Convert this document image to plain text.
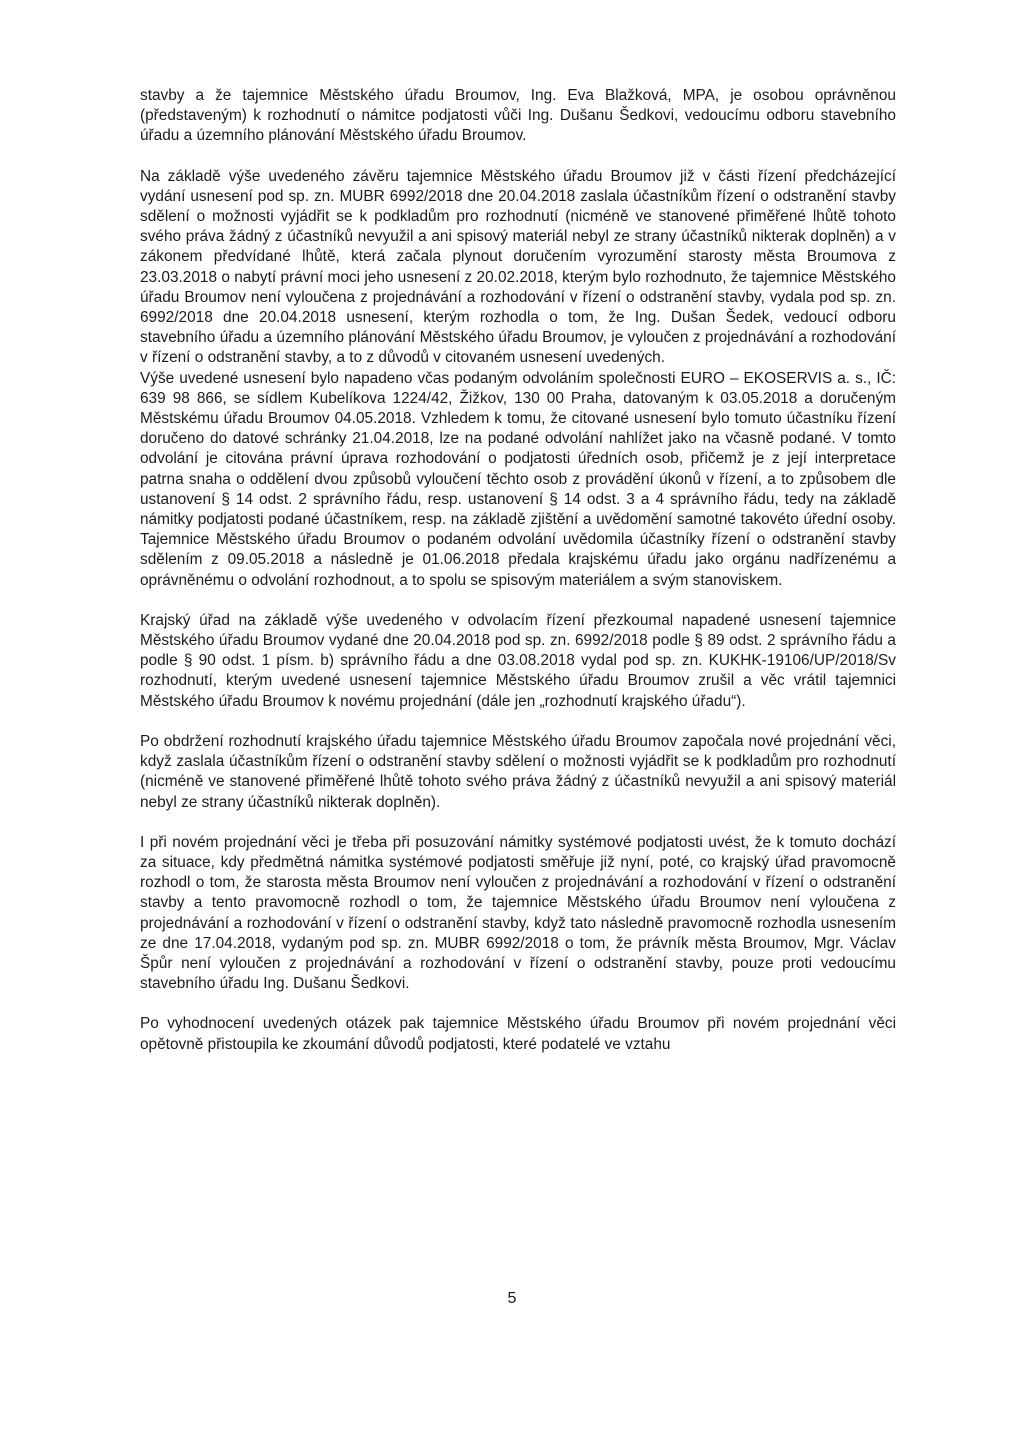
stavby a že tajemnice Městského úřadu Broumov, Ing. Eva Blažková, MPA, je osobou oprávněnou (představeným) k rozhodnutí o námitce podjatosti vůči Ing. Dušanu Šedkovi, vedoucímu odboru stavebního úřadu a územního plánování Městského úřadu Broumov.

Na základě výše uvedeného závěru tajemnice Městského úřadu Broumov již v části řízení předcházející vydání usnesení pod sp. zn. MUBR 6992/2018 dne 20.04.2018 zaslala účastníkům řízení o odstranění stavby sdělení o možnosti vyjádřit se k podkladům pro rozhodnutí (nicméně ve stanovené přiměřené lhůtě tohoto svého práva žádný z účastníků nevyužil a ani spisový materiál nebyl ze strany účastníků nikterak doplněn) a v zákonem předvídané lhůtě, která začala plynout doručením vyrozumění starosty města Broumova z 23.03.2018 o nabytí právní moci jeho usnesení z 20.02.2018, kterým bylo rozhodnuto, že tajemnice Městského úřadu Broumov není vyloučena z projednávání a rozhodování v řízení o odstranění stavby, vydala pod sp. zn. 6992/2018 dne 20.04.2018 usnesení, kterým rozhodla o tom, že Ing. Dušan Šedek, vedoucí odboru stavebního úřadu a územního plánování Městského úřadu Broumov, je vyloučen z projednávání a rozhodování v řízení o odstranění stavby, a to z důvodů v citovaném usnesení uvedených.

Výše uvedené usnesení bylo napadeno včas podaným odvoláním společnosti EURO – EKOSERVIS a. s., IČ: 639 98 866, se sídlem Kubelíkova 1224/42, Žižkov, 130 00 Praha, datovaným k 03.05.2018 a doručeným Městskému úřadu Broumov 04.05.2018. Vzhledem k tomu, že citované usnesení bylo tomuto účastníku řízení doručeno do datové schránky 21.04.2018, lze na podané odvolání nahlížet jako na včasně podané. V tomto odvolání je citována právní úprava rozhodování o podjatosti úředních osob, přičemž je z její interpretace patrna snaha o oddělení dvou způsobů vyloučení těchto osob z provádění úkonů v řízení, a to způsobem dle ustanovení § 14 odst. 2 správního řádu, resp. ustanovení § 14 odst. 3 a 4 správního řádu, tedy na základě námitky podjatosti podané účastníkem, resp. na základě zjištění a uvědomění samotné takovéto úřední osoby. Tajemnice Městského úřadu Broumov o podaném odvolání uvědomila účastníky řízení o odstranění stavby sdělením z 09.05.2018 a následně je 01.06.2018 předala krajskému úřadu jako orgánu nadřízenému a oprávněnému o odvolání rozhodnout, a to spolu se spisovým materiálem a svým stanoviskem.

Krajský úřad na základě výše uvedeného v odvolacím řízení přezkoumal napadené usnesení tajemnice Městského úřadu Broumov vydané dne 20.04.2018 pod sp. zn. 6992/2018 podle § 89 odst. 2 správního řádu a podle § 90 odst. 1 písm. b) správního řádu a dne 03.08.2018 vydal pod sp. zn. KUKHK-19106/UP/2018/Sv rozhodnutí, kterým uvedené usnesení tajemnice Městského úřadu Broumov zrušil a věc vrátil tajemnici Městského úřadu Broumov k novému projednání (dále jen „rozhodnutí krajského úřadu“).

Po obdržení rozhodnutí krajského úřadu tajemnice Městského úřadu Broumov započala nové projednání věci, když zaslala účastníkům řízení o odstranění stavby sdělení o možnosti vyjádřit se k podkladům pro rozhodnutí (nicméně ve stanovené přiměřené lhůtě tohoto svého práva žádný z účastníků nevyužil a ani spisový materiál nebyl ze strany účastníků nikterak doplněn).

I při novém projednání věci je třeba při posuzování námitky systémové podjatosti uvést, že k tomuto dochází za situace, kdy předmětná námitka systémové podjatosti směřuje již nyní, poté, co krajský úřad pravomocně rozhodl o tom, že starosta města Broumov není vyloučen z projednávání a rozhodování v řízení o odstranění stavby a tento pravomocně rozhodl o tom, že tajemnice Městského úřadu Broumov není vyloučena z projednávání a rozhodování v řízení o odstranění stavby, když tato následně pravomocně rozhodla usnesením ze dne 17.04.2018, vydaným pod sp. zn. MUBR 6992/2018 o tom, že právník města Broumov, Mgr. Václav Špůr není vyloučen z projednávání a rozhodování v řízení o odstranění stavby, pouze proti vedoucímu stavebního úřadu Ing. Dušanu Šedkovi.

Po vyhodnocení uvedených otázek pak tajemnice Městského úřadu Broumov při novém projednání věci opětovně přistoupila ke zkoumání důvodů podjatosti, které podatelé ve vztahu

5
